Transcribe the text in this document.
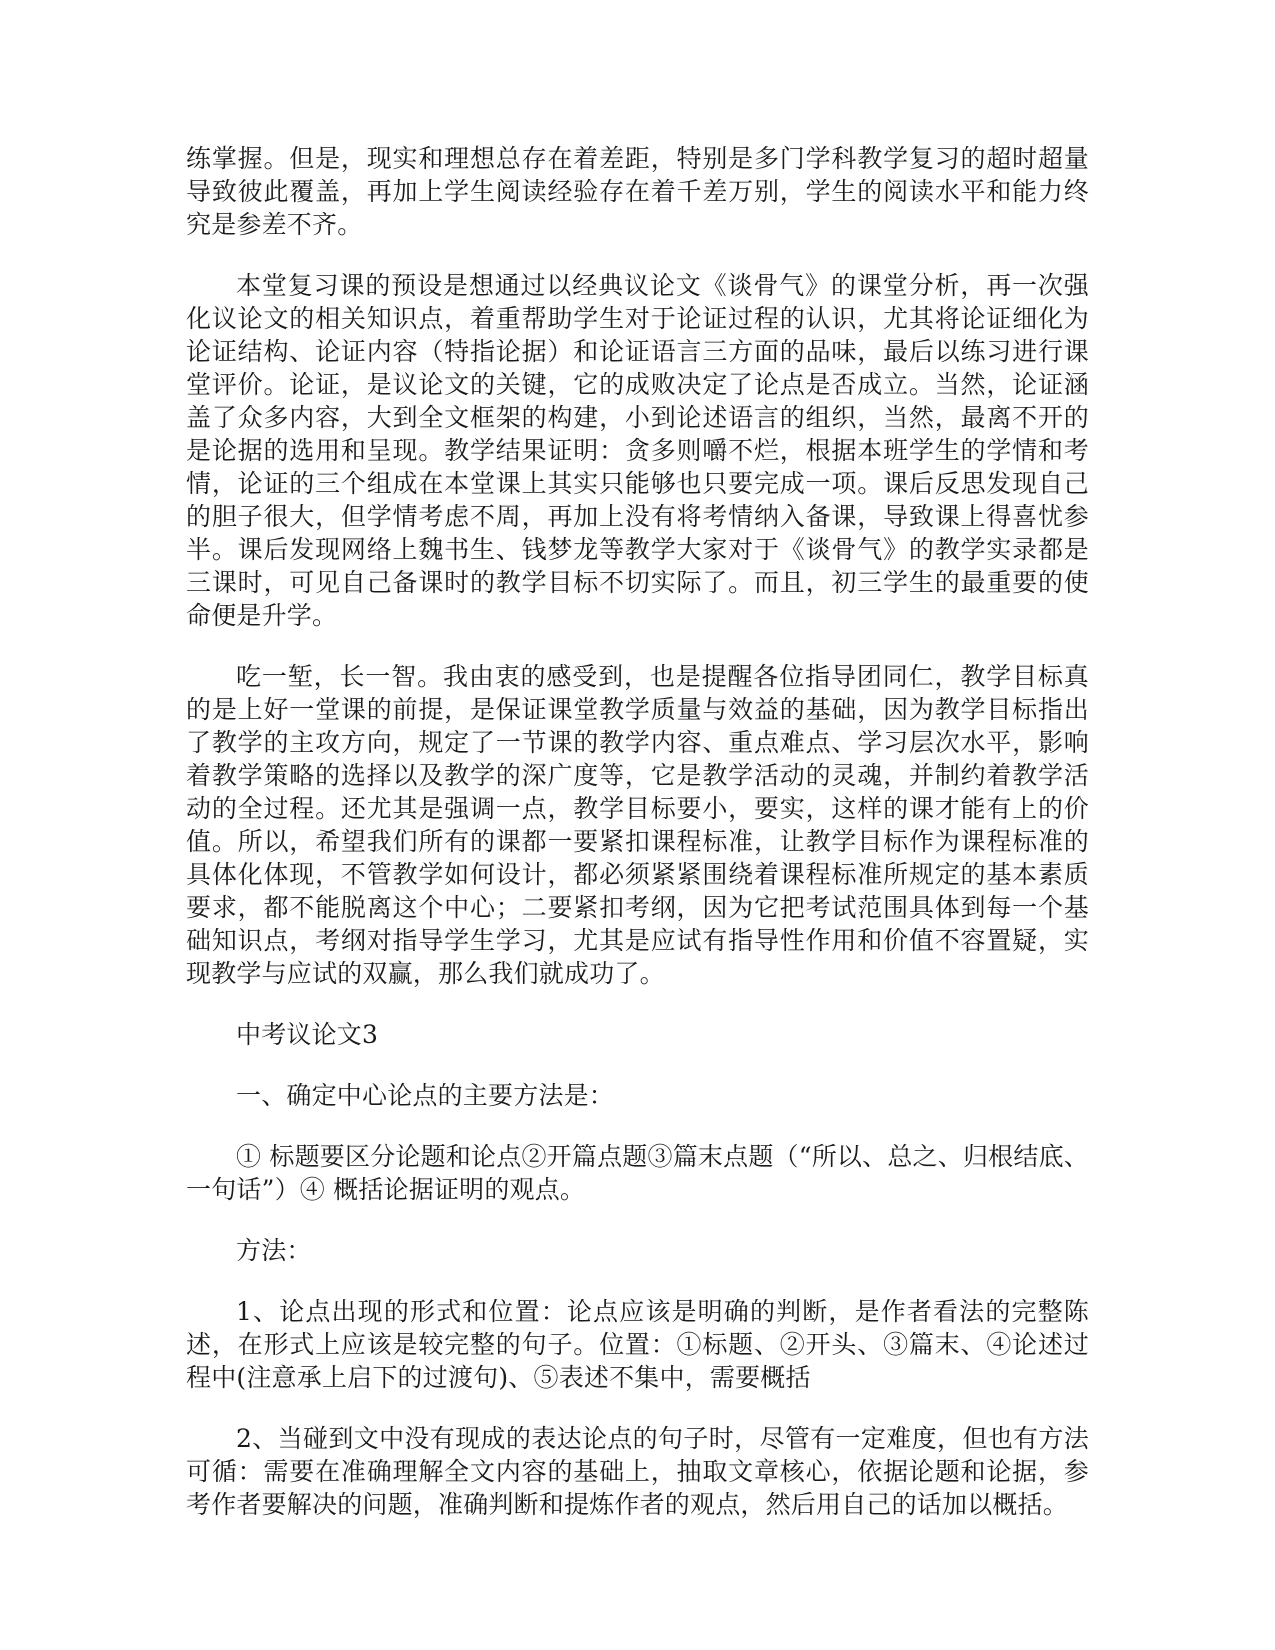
练掌握。但是，现实和理想总存在着差距，特别是多门学科教学复习的超时超量导致彼此覆盖，再加上学生阅读经验存在着千差万别，学生的阅读水平和能力终究是参差不齐。

本堂复习课的预设是想通过以经典议论文《谈骨气》的课堂分析，再一次强化议论文的相关知识点，着重帮助学生对于论证过程的认识，尤其将论证细化为论证结构、论证内容（特指论据）和论证语言三方面的品味，最后以练习进行课堂评价。论证，是议论文的关键，它的成败决定了论点是否成立。当然，论证涵盖了众多内容，大到全文框架的构建，小到论述语言的组织，当然，最离不开的是论据的选用和呈现。教学结果证明：贪多则嚼不烂，根据本班学生的学情和考情，论证的三个组成在本堂课上其实只能够也只要完成一项。课后反思发现自己的胆子很大，但学情考虑不周，再加上没有将考情纳入备课，导致课上得喜忧参半。课后发现网络上魏书生、钱梦龙等教学大家对于《谈骨气》的教学实录都是三课时，可见自己备课时的教学目标不切实际了。而且，初三学生的最重要的使命便是升学。

吃一堑，长一智。我由衷的感受到，也是提醒各位指导团同仁，教学目标真的是上好一堂课的前提，是保证课堂教学质量与效益的基础，因为教学目标指出了教学的主攻方向，规定了一节课的教学内容、重点难点、学习层次水平，影响着教学策略的选择以及教学的深广度等，它是教学活动的灵魂，并制约着教学活动的全过程。还尤其是强调一点，教学目标要小，要实，这样的课才能有上的价值。所以，希望我们所有的课都一要紧扣课程标准，让教学目标作为课程标准的具体化体现，不管教学如何设计，都必须紧紧围绕着课程标准所规定的基本素质要求，都不能脱离这个中心；二要紧扣考纲，因为它把考试范围具体到每一个基础知识点，考纲对指导学生学习，尤其是应试有指导性作用和价值不容置疑，实现教学与应试的双赢，那么我们就成功了。

中考议论文3

一、确定中心论点的主要方法是：

① 标题要区分论题和论点②开篇点题③篇末点题（“所以、总之、归根结底、一句话”）④ 概括论据证明的观点。

方法：

1、论点出现的形式和位置：论点应该是明确的判断，是作者看法的完整陈述，在形式上应该是较完整的句子。位置：①标题、②开头、③篇末、④论述过程中(注意承上启下的过渡句)、⑤表述不集中，需要概括

2、当碰到文中没有现成的表达论点的句子时，尽管有一定难度，但也有方法可循：需要在准确理解全文内容的基础上，抽取文章核心，依据论题和论据，参考作者要解决的问题，准确判断和提炼作者的观点，然后用自己的话加以概括。
